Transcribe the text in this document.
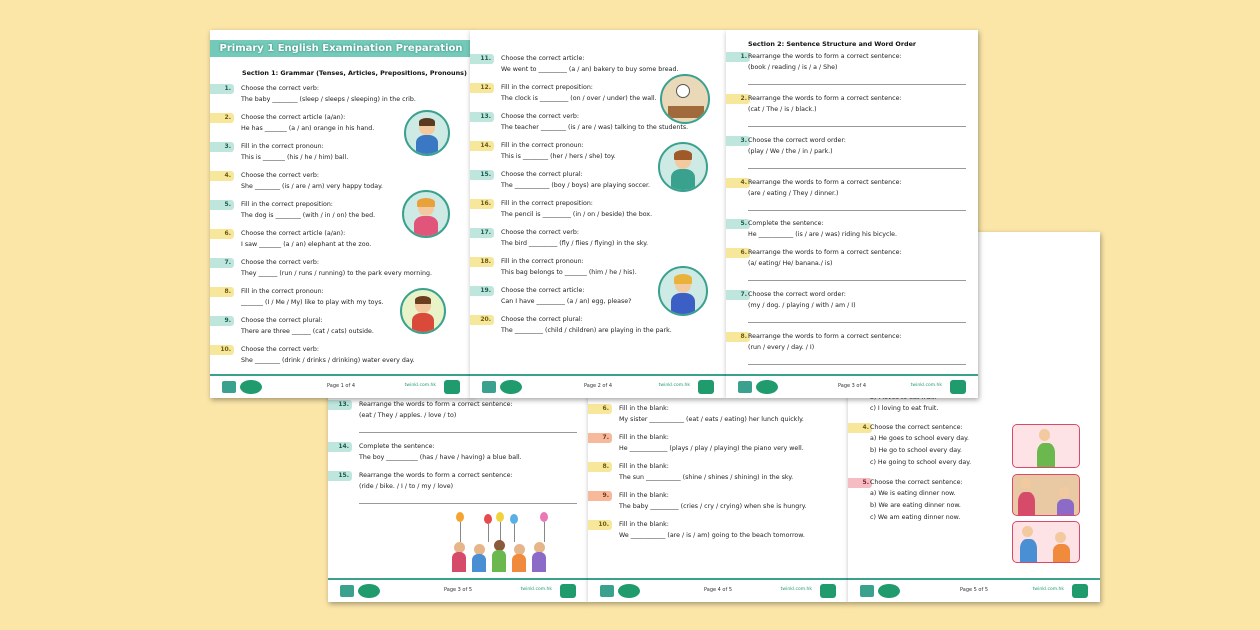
13.	Rearrange the words to form a correct sentence:
(eat / They / apples. / love / to)
14.	Complete the sentence:
The boy __________ (has / have / having) a blue ball.
15.	Rearrange the words to form a correct sentence:
(ride / bike. / I / to / my / love)
Page 3 of 5	twinkl.com.hk
6.	Fill in the blank:
My sister ___________ (eat / eats / eating) her lunch quickly.
7.	Fill in the blank:
He ____________ (plays / play / playing) the piano very well.
8.	Fill in the blank:
The sun ___________ (shine / shines / shining) in the sky.
9.	Fill in the blank:
The baby _________ (cries / cry / crying) when she is hungry.
10.	Fill in the blank:
We ___________ (are / is / am) going to the beach tomorrow.
Page 4 of 5	twinkl.com.hk
c) I loving to eat fruit.
4. Choose the correct sentence:
a) He goes to school every day.
b) He go to school every day.
c) He going to school every day.
5. Choose the correct sentence:
a) We is eating dinner now.
b) We are eating dinner now.
c) We am eating dinner now.
Page 5 of 5	twinkl.com.hk
Primary 1 English Examination Preparation
Section 1: Grammar (Tenses, Articles, Prepositions, Pronouns)
1.	Choose the correct verb:
The baby ________ (sleep / sleeps / sleeping) in the crib.
2.	Choose the correct article (a/an):
He has _______ (a / an) orange in his hand.
3.	Fill in the correct pronoun:
This is _______ (his / he / him) ball.
4.	Choose the correct verb:
She ________ (is / are / am) very happy today.
5.	Fill in the correct preposition:
The dog is ________ (with / in / on) the bed.
6.	Choose the correct article (a/an):
I saw _______ (a / an) elephant at the zoo.
7.	Choose the correct verb:
They ______ (run / runs / running) to the park every morning.
8.	Fill in the correct pronoun:
_______ (I / Me / My) like to play with my toys.
9.	Choose the correct plural:
There are three ______ (cat / cats) outside.
10.	Choose the correct verb:
She ________ (drink / drinks / drinking) water every day.
Page 1 of 4	twinkl.com.hk
11.	Choose the correct article:
We went to _________ (a / an) bakery to buy some bread.
12.	Fill in the correct preposition:
The clock is _________ (on / over / under) the wall.
13.	Choose the correct verb:
The teacher ________ (is / are / was) talking to the students.
14.	Fill in the correct pronoun:
This is ________ (her / hers / she) toy.
15.	Choose the correct plural:
The ___________ (boy / boys) are playing soccer.
16.	Fill in the correct preposition:
The pencil is _________ (in / on / beside) the box.
17.	Choose the correct verb:
The bird _________ (fly / flies / flying) in the sky.
18.	Fill in the correct pronoun:
This bag belongs to _______ (him / he / his).
19.	Choose the correct article:
Can I have _________ (a / an) egg, please?
20.	Choose the correct plural:
The _________ (child / children) are playing in the park.
Page 2 of 4	twinkl.com.hk
Section 2: Sentence Structure and Word Order
1. Rearrange the words to form a correct sentence:
(book / reading / is / a / She)
2. Rearrange the words to form a correct sentence:
(cat / The / is / black.)
3. Choose the correct word order:
(play / We / the / in / park.)
4. Rearrange the words to form a correct sentence:
(are / eating / They / dinner.)
5. Complete the sentence:
He ___________ (is / are / was) riding his bicycle.
6. Rearrange the words to form a correct sentence:
(a/ eating/ He/ banana./ is)
7. Choose the correct word order:
(my / dog. / playing / with / am / I)
8. Rearrange the words to form a correct sentence:
(run / every / day. / I)
Page 3 of 4	twinkl.com.hk
